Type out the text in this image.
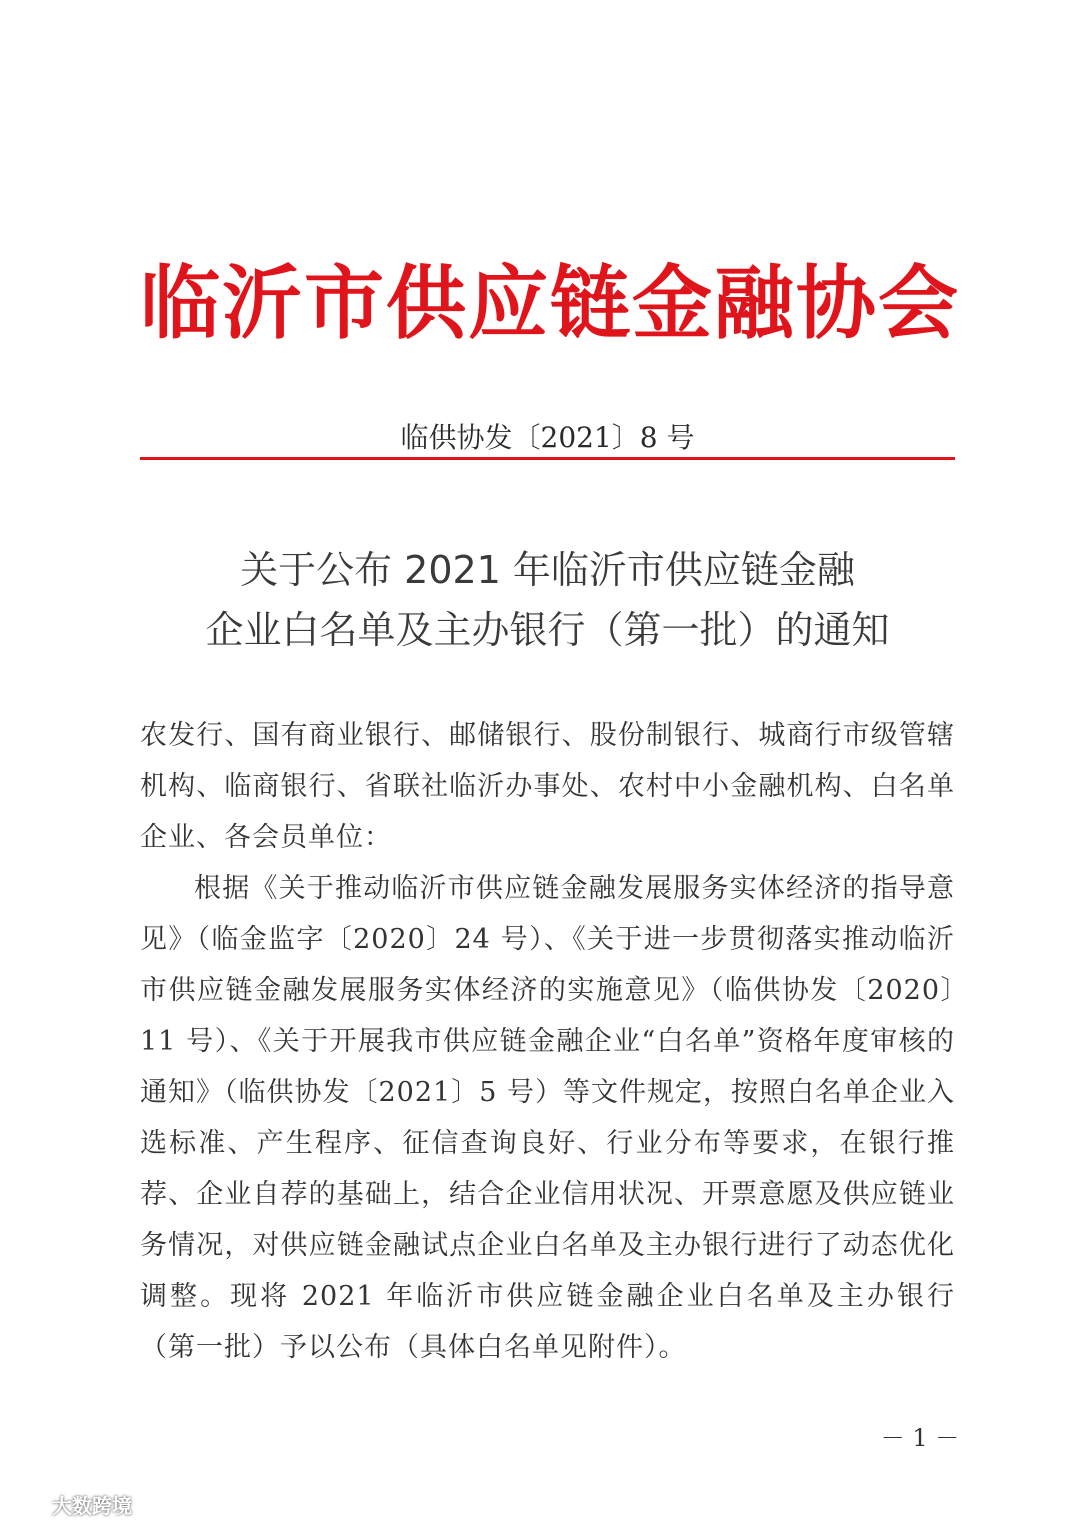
临沂市供应链金融协会
临供协发〔2021〕8 号
关于公布 2021 年临沂市供应链金融
企业白名单及主办银行（第一批）的通知

农发行、国有商业银行、邮储银行、股份制银行、城商行市级管辖机构、临商银行、省联社临沂办事处、农村中小金融机构、白名单企业、各会员单位：

根据《关于推动临沂市供应链金融发展服务实体经济的指导意见》（临金监字〔2020〕24 号）、《关于进一步贯彻落实推动临沂市供应链金融发展服务实体经济的实施意见》（临供协发〔2020〕11 号）、《关于开展我市供应链金融企业“白名单”资格年度审核的通知》（临供协发〔2021〕5 号）等文件规定，按照白名单企业入选标准、产生程序、征信查询良好、行业分布等要求，在银行推荐、企业自荐的基础上，结合企业信用状况、开票意愿及供应链业务情况，对供应链金融试点企业白名单及主办银行进行了动态优化调整。现将 2021 年临沂市供应链金融企业白名单及主办银行（第一批）予以公布（具体白名单见附件）。

－ 1 －
大数跨境
